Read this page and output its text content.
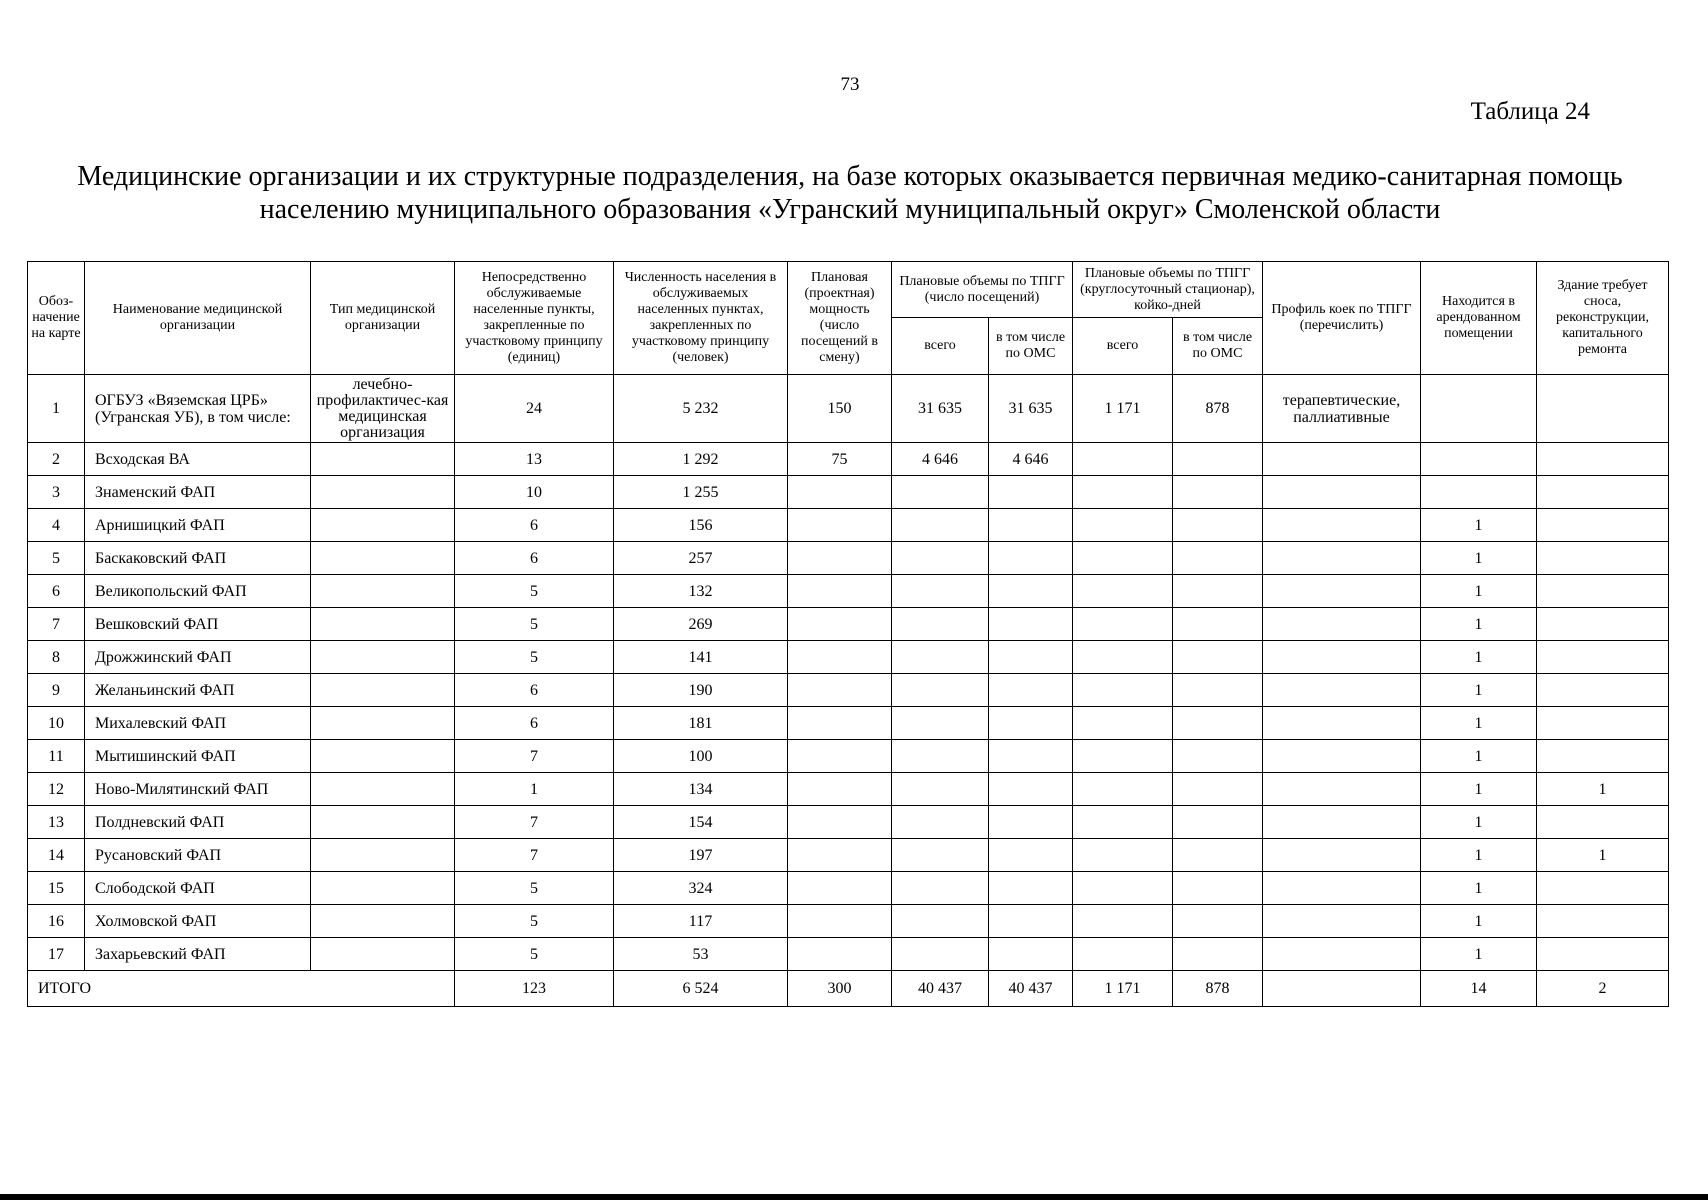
73
Таблица 24
Медицинские организации и их структурные подразделения, на базе которых оказывается первичная медико-санитарная помощь
населению муниципального образования «Угранский муниципальный округ» Смоленской области
Обоз-начение на карте	Наименование медицинской организации	Тип медицинской организации	Непосредственно обслуживаемые населенные пункты, закрепленные по участковому принципу (единиц)	Численность населения в обслуживаемых населенных пунктах, закрепленных по участковому принципу (человек)	Плановая (проектная) мощность (число посещений в смену)	Плановые объемы по ТПГГ (число посещений)		Плановые объемы по ТПГГ (круглосуточный стационар), койко-дней		Профиль коек по ТПГГ (перечислить)	Находится в арендованном помещении	Здание требует сноса, реконструкции, капитального ремонта
						всего	в том числе по ОМС	всего	в том числе по ОМС			
1	ОГБУЗ «Вяземская ЦРБ» (Угранская УБ), в том числе:	лечебно-профилактичес-кая медицинская организация	24	5 232	150	31 635	31 635	1 171	878	терапевтические, паллиативные		
2	Всходская ВА		13	1 292	75	4 646	4 646					
3	Знаменский ФАП		10	1 255								
4	Арнишицкий ФАП		6	156							1	
5	Баскаковский ФАП		6	257							1	
6	Великопольский ФАП		5	132							1	
7	Вешковский ФАП		5	269							1	
8	Дрожжинский ФАП		5	141							1	
9	Желаньинский ФАП		6	190							1	
10	Михалевский ФАП		6	181							1	
11	Мытишинский ФАП		7	100							1	
12	Ново-Милятинский ФАП		1	134							1	1
13	Полдневский ФАП		7	154							1	
14	Русановский ФАП		7	197							1	1
15	Слободской ФАП		5	324							1	
16	Холмовской ФАП		5	117							1	
17	Захарьевский ФАП		5	53							1	
ИТОГО			123	6 524	300	40 437	40 437	1 171	878		14	2
